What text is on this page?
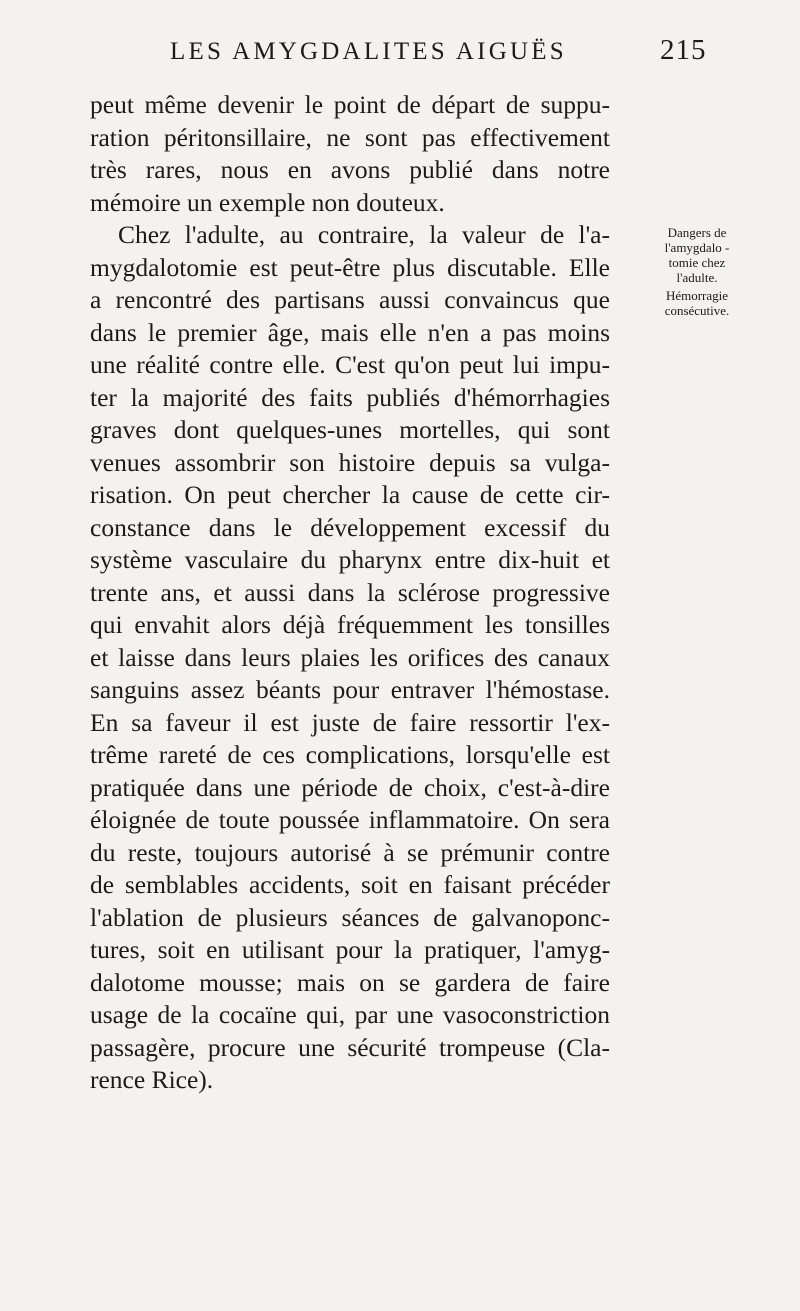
LES AMYGDALITES AIGUËS	215
peut même devenir le point de départ de suppu-
ration péritonsillaire, ne sont pas effectivement
très rares, nous en avons publié dans notre
mémoire un exemple non douteux.
Chez l'adulte, au contraire, la valeur de l'a-
mygdalotomie est peut-être plus discutable. Elle
a rencontré des partisans aussi convaincus que
dans le premier âge, mais elle n'en a pas moins
une réalité contre elle. C'est qu'on peut lui impu-
ter la majorité des faits publiés d'hémorrhagies
graves dont quelques-unes mortelles, qui sont
venues assombrir son histoire depuis sa vulga-
risation. On peut chercher la cause de cette cir-
constance dans le développement excessif du
système vasculaire du pharynx entre dix-huit et
trente ans, et aussi dans la sclérose progressive
qui envahit alors déjà fréquemment les tonsilles
et laisse dans leurs plaies les orifices des canaux
sanguins assez béants pour entraver l'hémostase.
En sa faveur il est juste de faire ressortir l'ex-
trême rareté de ces complications, lorsqu'elle est
pratiquée dans une période de choix, c'est-à-dire
éloignée de toute poussée inflammatoire. On sera
du reste, toujours autorisé à se prémunir contre
de semblables accidents, soit en faisant précéder
l'ablation de plusieurs séances de galvanoponc-
tures, soit en utilisant pour la pratiquer, l'amyg-
dalotome mousse; mais on se gardera de faire
usage de la cocaïne qui, par une vasoconstriction
passagère, procure une sécurité trompeuse (Cla-
rence Rice).
Dangers de
l'amygdalo -
tomie chez
l'adulte.
Hémorragie
consécutive.
